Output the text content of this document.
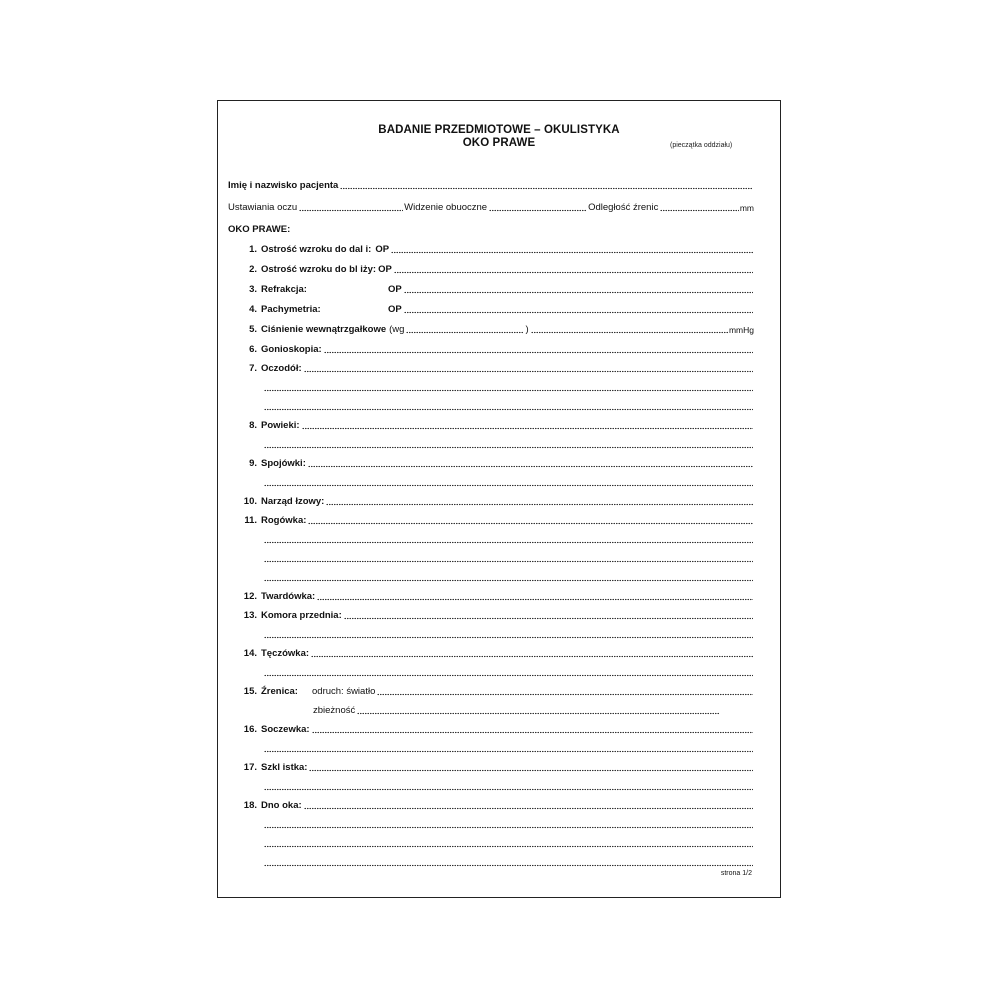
BADANIE PRZEDMIOTOWE – OKULISTYKA
OKO PRAWE	(pieczątka oddziału)
Imię i nazwisko pacjenta
Ustawiania oczu	Widzenie obuoczne	Odległość źrenic	mm
OKO PRAWE:
1. Ostrość wzroku do dal i: OP
2. Ostrość wzroku do bl iży: OP
3. Refrakcja:	OP
4. Pachymetria:	OP
5. Ciśnienie wewnątrzgałkowe (wg	)	mmHg
6. Gonioskopia:
7. Oczodół:
8. Powieki:
9. Spojówki:
10. Narząd łzowy:
11. Rogówka:
12. Twardówka:
13. Komora przednia:
14. Tęczówka:
15. Źrenica:	odruch: światło
zbieżność
16. Soczewka:
17. Szkl istka:
18. Dno oka:
strona 1/2
